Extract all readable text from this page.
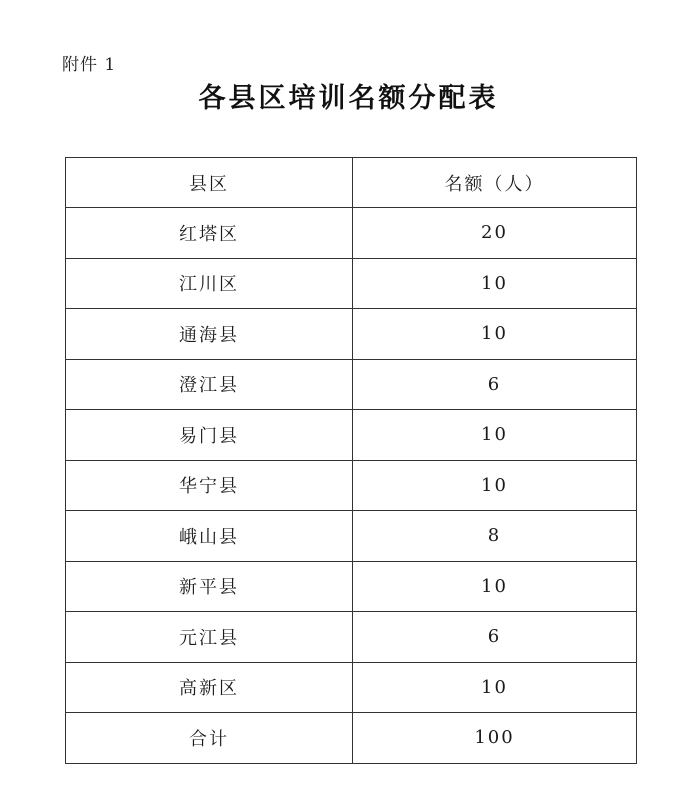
附件 1
各县区培训名额分配表
县区	名额（人）
红塔区	20
江川区	10
通海县	10
澄江县	6
易门县	10
华宁县	10
峨山县	8
新平县	10
元江县	6
高新区	10
合计	100
